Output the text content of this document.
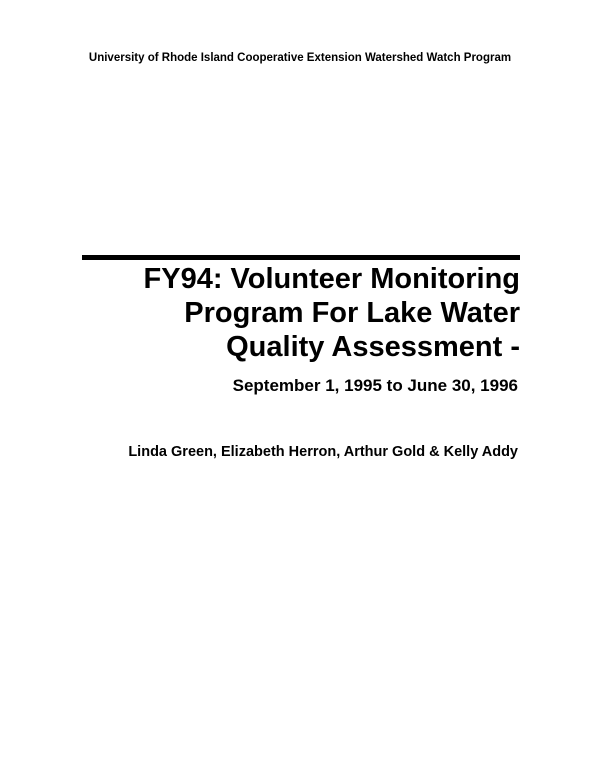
University of Rhode Island Cooperative Extension Watershed Watch Program
FY94: Volunteer Monitoring
Program For Lake Water
Quality Assessment -
September 1, 1995 to June 30, 1996
Linda Green, Elizabeth Herron, Arthur Gold & Kelly Addy
